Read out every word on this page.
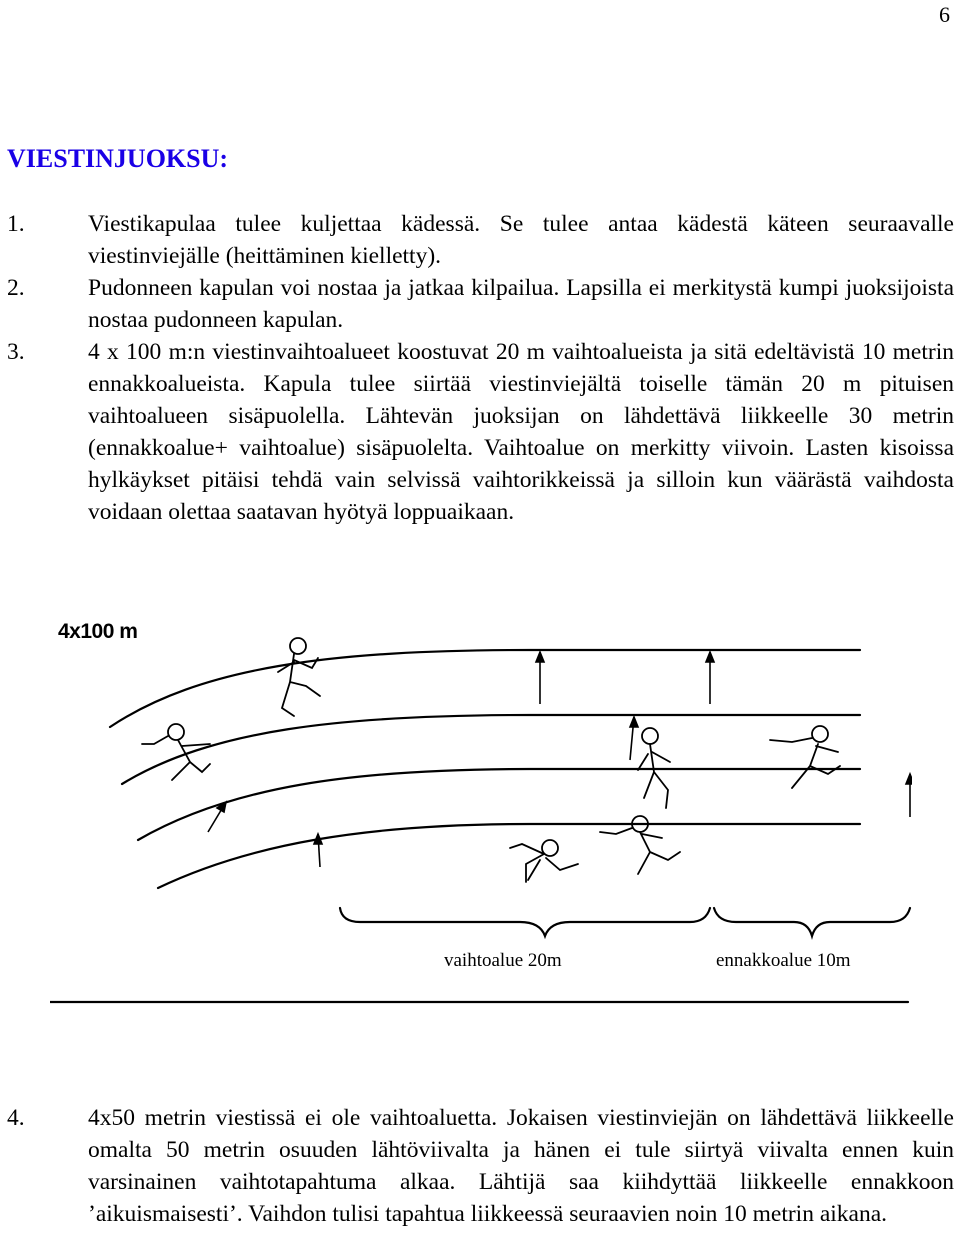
6
VIESTINJUOKSU:
1.	Viestikapulaa tulee kuljettaa kädessä. Se tulee antaa kädestä käteen seuraavalle viestinviejälle (heittäminen kielletty).
2.	Pudonneen kapulan voi nostaa ja jatkaa kilpailua. Lapsilla ei merkitystä kumpi juoksijoista nostaa pudonneen kapulan.
3.	4 x 100 m:n viestinvaihtoalueet koostuvat 20 m vaihtoalueista ja sitä edeltävistä 10 metrin ennakkoalueista. Kapula tulee siirtää viestinviejältä toiselle tämän 20 m pituisen vaihtoalueen sisäpuolella. Lähtevän juoksijan on lähdettävä liikkeelle 30 metrin (ennakkoalue+ vaihtoalue) sisäpuolelta. Vaihtoalue on merkitty viivoin. Lasten kisoissa hylkäykset pitäisi tehdä vain selvissä vaihtorikkeissä ja silloin kun väärästä vaihdosta voidaan olettaa saatavan hyötyä loppuaikaan.
4x100 m
vaihtoalue 20m	ennakkoalue 10m
4.	4x50 metrin viestissä ei ole vaihtoaluetta. Jokaisen viestinviejän on lähdettävä liikkeelle omalta 50 metrin osuuden lähtöviivalta ja hänen ei tule siirtyä viivalta ennen kuin varsinainen vaihtotapahtuma alkaa. Lähtijä saa kiihdyttää liikkeelle ennakkoon ’aikuismaisesti’. Vaihdon tulisi tapahtua liikkeessä seuraavien noin 10 metrin aikana.
